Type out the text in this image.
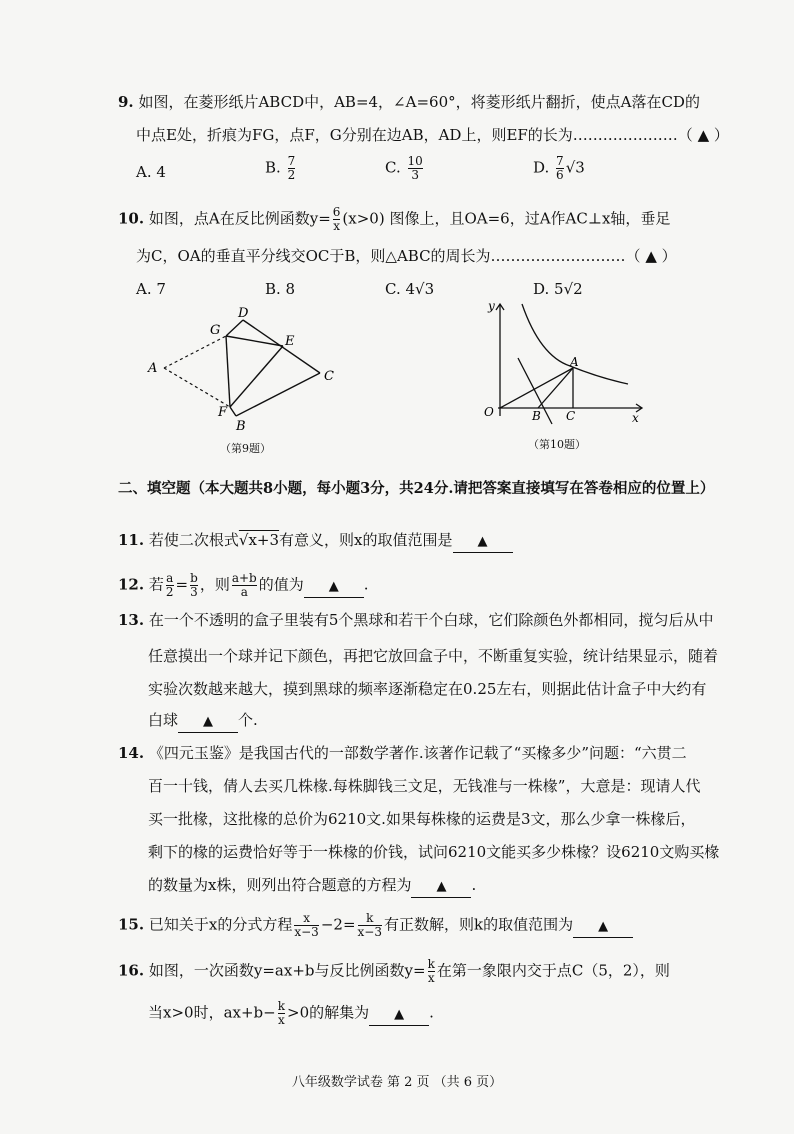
9. 如图，在菱形纸片ABCD中，AB=4，∠A=60°，将菱形纸片翻折，使点A落在CD的
中点E处，折痕为FG，点F，G分别在边AB，AD上，则EF的长为…………………（ ▲ ）
A. 4	B. $\frac{7}{2}$	C. $\frac{10}{3}$	D. $\frac{7}{6} √3$
10. 如图，点A在反比例函数$y= \frac{6}{x} (x>0)$ 图像上，且OA=6，过A作AC⊥x轴，垂足
为C，OA的垂直平分线交OC于B，则△ABC的周长为………………………（ ▲ ）
A. 7	B. 8	C. 4√3	D. 5√2
D
G
E
A
C
F
B
（第9题）
y
A
O	B C	x
（第10题）
二、填空题（本大题共8小题，每小题3分，共24分.请把答案直接填写在答卷相应的位置上）
11. 若使二次根式√x+3有意义，则x的取值范围是 ▲
12. 若 $\frac{a}{2} = \frac{b}{3}$ ，则 $\frac{a+b}{a}$ 的值为 ▲ .
13. 在一个不透明的盒子里装有5个黑球和若干个白球，它们除颜色外都相同，搅匀后从中
任意摸出一个球并记下颜色，再把它放回盒子中，不断重复实验，统计结果显示，随着
实验次数越来越大，摸到黑球的频率逐渐稳定在0.25左右，则据此估计盒子中大约有
白球 ▲ 个.
14. 《四元玉鉴》是我国古代的一部数学著作.该著作记载了“买椽多少”问题：“六贯二
百一十钱，倩人去买几株椽.每株脚钱三文足，无钱准与一株椽”，大意是：现请人代
买一批椽，这批椽的总价为6210文.如果每株椽的运费是3文，那么少拿一株椽后，
剩下的椽的运费恰好等于一株椽的价钱，试问6210文能买多少株椽？设6210文购买椽
的数量为x株，则列出符合题意的方程为 ▲ .
15. 已知关于x的分式方程 $\frac{x}{x-3} -2= \frac{k}{x-3}$ 有正数解，则k的取值范围为 ▲
16. 如图，一次函数y=ax+b与反比例函数$y= \frac{k}{x}$ 在第一象限内交于点C（5，2），则
当x>0时，$ax+b- \frac{k}{x} >0$的解集为 ▲ .
八年级数学试卷 第 2 页 （共 6 页）
